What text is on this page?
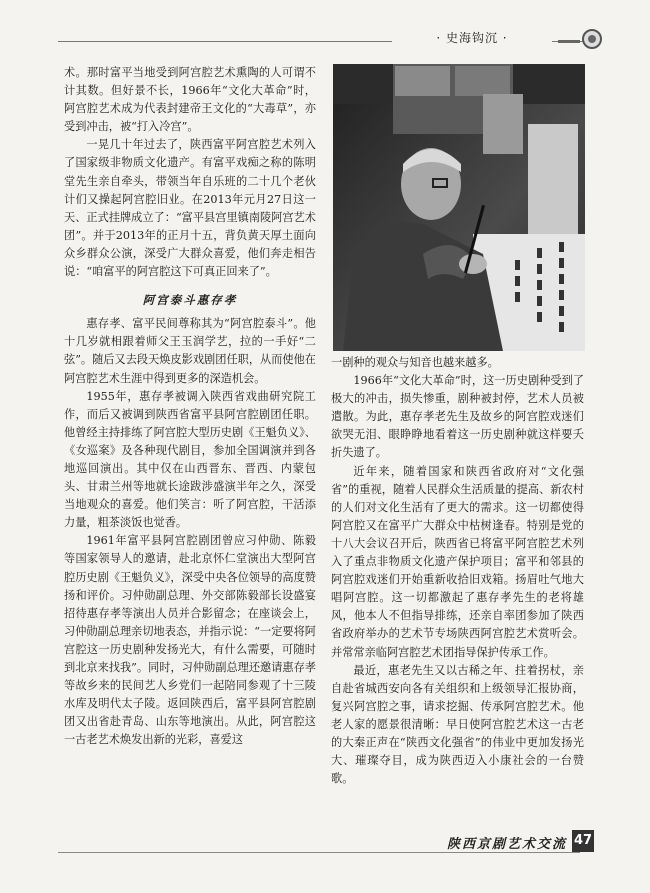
· 史海钩沉 ·

术。那时富平当地受到阿宫腔艺术熏陶的人可谓不计其数。但好景不长，1966年“文化大革命”时，阿宫腔艺术成为代表封建帝王文化的“大毒草”，亦受到冲击，被“打入冷宫”。

一晃几十年过去了，陕西富平阿宫腔艺术列入了国家级非物质文化遗产。有富平戏痴之称的陈明堂先生亲自牵头，带领当年自乐班的二十几个老伙计们又操起阿宫腔旧业。在2013年元月27日这一天、正式挂牌成立了：“富平县宫里镇南陵阿宫艺术团”。并于2013年的正月十五，背负黄天厚土面向众乡群众公演，深受广大群众喜爱，他们奔走相告说：“咱富平的阿宫腔这下可真正回来了”。

阿宫泰斗惠存孝

惠存孝、富平民间尊称其为“阿宫腔泰斗”。他十几岁就相跟着师父王玉润学艺，拉的一手好“二弦”。随后又去段天焕皮影戏剧团任职，从而使他在阿宫腔艺术生涯中得到更多的深造机会。

1955年，惠存孝被调入陕西省戏曲研究院工作，而后又被调到陕西省富平县阿宫腔剧团任职。他曾经主持排练了阿宫腔大型历史剧《王魁负义》、《女巡案》及各种现代剧目，参加全国调演并到各地巡回演出。其中仅在山西晋东、晋西、内蒙包头、甘肃兰州等地就长途跋涉盛演半年之久，深受当地观众的喜爱。他们笑言：听了阿宫腔，干活添力量，粗茶淡饭也觉香。

1961年富平县阿宫腔剧团曾应习仲勋、陈毅等国家领导人的邀请，赴北京怀仁堂演出大型阿宫腔历史剧《王魁负义》，深受中央各位领导的高度赞扬和评价。习仲勋副总理、外交部陈毅部长设盛宴招待惠存孝等演出人员并合影留念；在座谈会上，习仲勋副总理亲切地表态，并指示说：“一定要将阿宫腔这一历史剧种发扬光大，有什么需要，可随时到北京来找我”。同时，习仲勋副总理还邀请惠存孝等故乡来的民间艺人乡党们一起陪同参观了十三陵水库及明代太子陵。返回陕西后，富平县阿宫腔剧团又出省赴青岛、山东等地演出。从此，阿宫腔这一古老艺术焕发出新的光彩，喜爱这

一剧种的观众与知音也越来越多。

1966年“文化大革命”时，这一历史剧种受到了极大的冲击，损失惨重，剧种被封停，艺术人员被遣散。为此，惠存孝老先生及故乡的阿宫腔戏迷们欲哭无泪、眼睁睁地看着这一历史剧种就这样要夭折失遗了。

近年来，随着国家和陕西省政府对“文化强省”的重视，随着人民群众生活质量的提高、新农村的人们对文化生活有了更大的需求。这一切都使得阿宫腔又在富平广大群众中枯树逢春。特别是党的十八大会议召开后，陕西省已将富平阿宫腔艺术列入了重点非物质文化遗产保护项目；富平和邻县的阿宫腔戏迷们开始重新收拾旧戏箱。扬眉吐气地大唱阿宫腔。这一切都激起了惠存孝先生的老将雄风，他本人不但指导排练，还亲自率团参加了陕西省政府举办的艺术节专场陕西阿宫腔艺术赏听会。并常常亲临阿宫腔艺术团指导保护传承工作。

最近，惠老先生又以古稀之年、拄着拐杖，亲自赴省城西安向各有关组织和上级领导汇报协商，复兴阿宫腔之事，请求挖掘、传承阿宫腔艺术。他老人家的愿景很清晰：早日使阿宫腔艺术这一古老的大秦正声在“陕西文化强省”的伟业中更加发扬光大、璀璨夺目，成为陕西迈入小康社会的一台赞歌。

陕西京剧艺术交流 47
